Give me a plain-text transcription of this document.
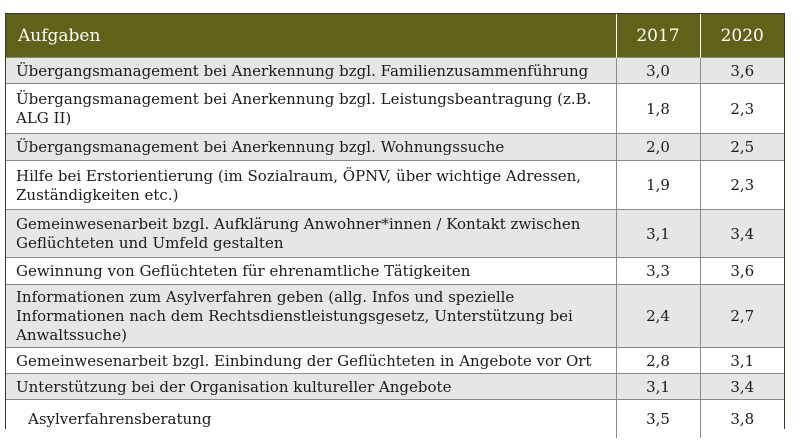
Aufgaben	2017	2020
Übergangsmanagement bei Anerkennung bzgl. Familienzusammenführung	3,0	3,6
Übergangsmanagement bei Anerkennung bzgl. Leistungsbeantragung (z.B. ALG II)	1,8	2,3
Übergangsmanagement bei Anerkennung bzgl. Wohnungssuche	2,0	2,5
Hilfe bei Erstorientierung (im Sozialraum, ÖPNV, über wichtige Adressen, Zuständigkeiten etc.)	1,9	2,3
Gemeinwesenarbeit bzgl. Aufklärung Anwohner*innen / Kontakt zwischen Geflüchteten und Umfeld gestalten	3,1	3,4
Gewinnung von Geflüchteten für ehrenamtliche Tätigkeiten	3,3	3,6
Informationen zum Asylverfahren geben (allg. Infos und spezielle Informationen nach dem Rechtsdienstleistungsgesetz, Unterstützung bei Anwaltssuche)	2,4	2,7
Gemeinwesenarbeit bzgl. Einbindung der Geflüchteten in Angebote vor Ort	2,8	3,1
Unterstützung bei der Organisation kultureller Angebote	3,1	3,4
Asylverfahrensberatung	3,5	3,8
